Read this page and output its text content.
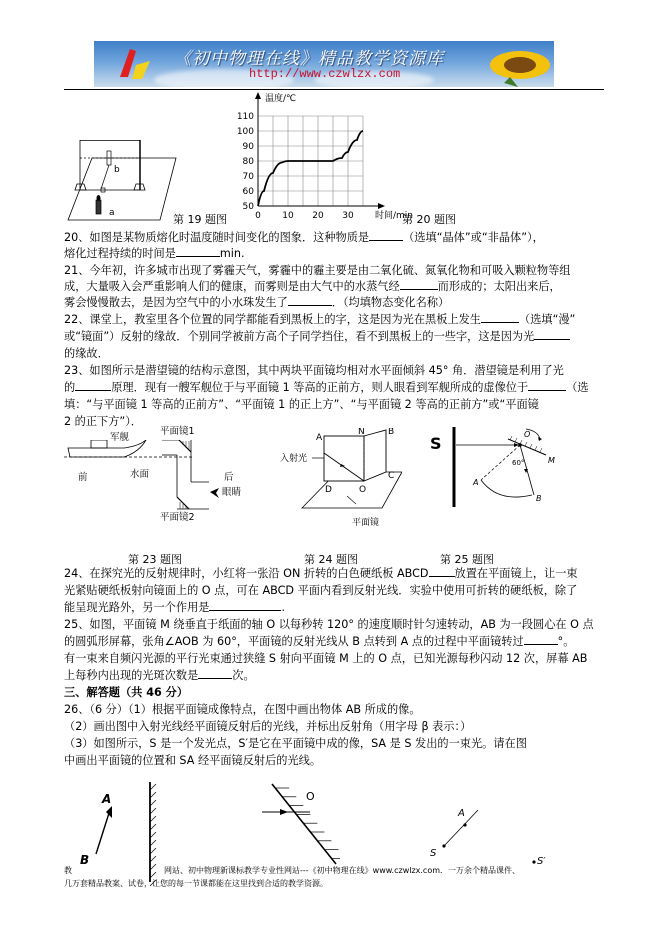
《初中物理在线》精品教学资源库
http://www.czwlzx.com
b
a	第 19 题图
50
60
70
80
90
100
110
0 10 20 30
温度/℃
时间/min
第 20 题图
20、如图是某物质熔化时温度随时间变化的图象．这种物质是	（选填“晶体”或“非晶体”），
熔化过程持续的时间是	min.
21、今年初，许多城市出现了雾霾天气，雾霾中的霾主要是由二氧化硫、氮氧化物和可吸入颗粒物等组
成，大量吸入会严重影响人们的健康，而雾则是由大气中的水蒸气经	而形成的；太阳出来后，
雾会慢慢散去，是因为空气中的小水珠发生了	．（均填物态变化名称）
22、课堂上，教室里各个位置的同学都能看到黑板上的字，这是因为光在黑板上发生	（选填“漫”
或“镜面”）反射的缘故．个别同学被前方高个子同学挡住，看不到黑板上的一些字，这是因为光
的缘故．
23、如图所示是潜望镜的结构示意图，其中两块平面镜均相对水平面倾斜 45° 角．潜望镜是利用了光
的	原理．现有一艘军舰位于与平面镜 1 等高的正前方，则人眼看到军舰所成的虚像位于	（选
填：“与平面镜 1 等高的正前方”、“平面镜 1 的正上方”、“与平面镜 2 等高的正前方”或“平面镜
2 的正下方”）．
军舰
平面镜1
前	水面	后
眼睛
平面镜2
第 23 题图
A
N	B
C
D	O
入射光
平面镜
第 24 题图
S	O
M
60°
A
B
第 25 题图
24、在探究光的反射规律时，小红将一张沿 ON 折转的白色硬纸板 ABCD 放置在平面镜上，让一束
光紧贴硬纸板射向镜面上的 O 点，可在 ABCD 平面内看到反射光线．实验中使用可折转的硬纸板，除了
能呈现光路外，另一个作用是	.
25、如图，平面镜 M 绕垂直于纸面的轴 O 以每秒转 120° 的速度顺时针匀速转动，AB 为一段圆心在 O 点
的圆弧形屏幕，张角∠AOB 为 60°，平面镜的反射光线从 B 点转到 A 点的过程中平面镜转过	°。
有一束来自频闪光源的平行光束通过狭缝 S 射向平面镜 M 上的 O 点，已知光源每秒闪动 12 次，屏幕 AB
上每秒内出现的光斑次数是	次。
三、解答题（共 46 分）
26、（6 分）（1）根据平面镜成像特点，在图中画出物体 AB 所成的像。
（2）画出图中入射光线经平面镜反射后的光线，并标出反射角（用字母 β 表示：）
（3）如图所示，S 是一个发光点，S′是它在平面镜中成的像，SA 是 S 发出的一束光。请在图
中画出平面镜的位置和 SA 经平面镜反射后的光线。
A
B
O
A
S
S′
教	网站、初中物理新课标教学专业性网站---《初中物理在线》www.czwlzx.com．一万余个精品课件、
几万套精品教案、试卷，让您的每一节课都能在这里找到合适的教学资源。
